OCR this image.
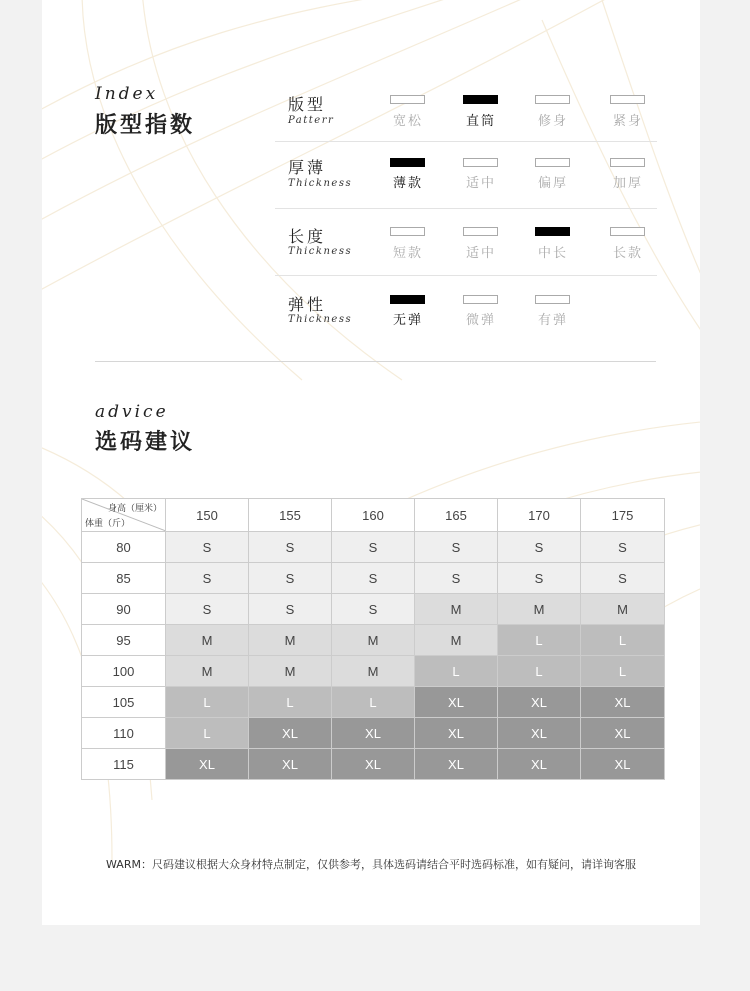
Index
版型指数
版型
Patterr	宽松	直筒	修身	紧身
厚薄
Thickness	薄款	适中	偏厚	加厚
长度
Thickness	短款	适中	中长	长款
弹性
Thickness	无弹	微弹	有弹
advice
选码建议
身高（厘米）
体重（斤）	150	155	160	165	170	175
80	S	S	S	S	S	S
85	S	S	S	S	S	S
90	S	S	S	M	M	M
95	M	M	M	M	L	L
100	M	M	M	L	L	L
105	L	L	L	XL	XL	XL
110	L	XL	XL	XL	XL	XL
115	XL	XL	XL	XL	XL	XL
WARM：尺码建议根据大众身材特点制定，仅供参考，具体选码请结合平时选码标准，如有疑问，请详询客服
